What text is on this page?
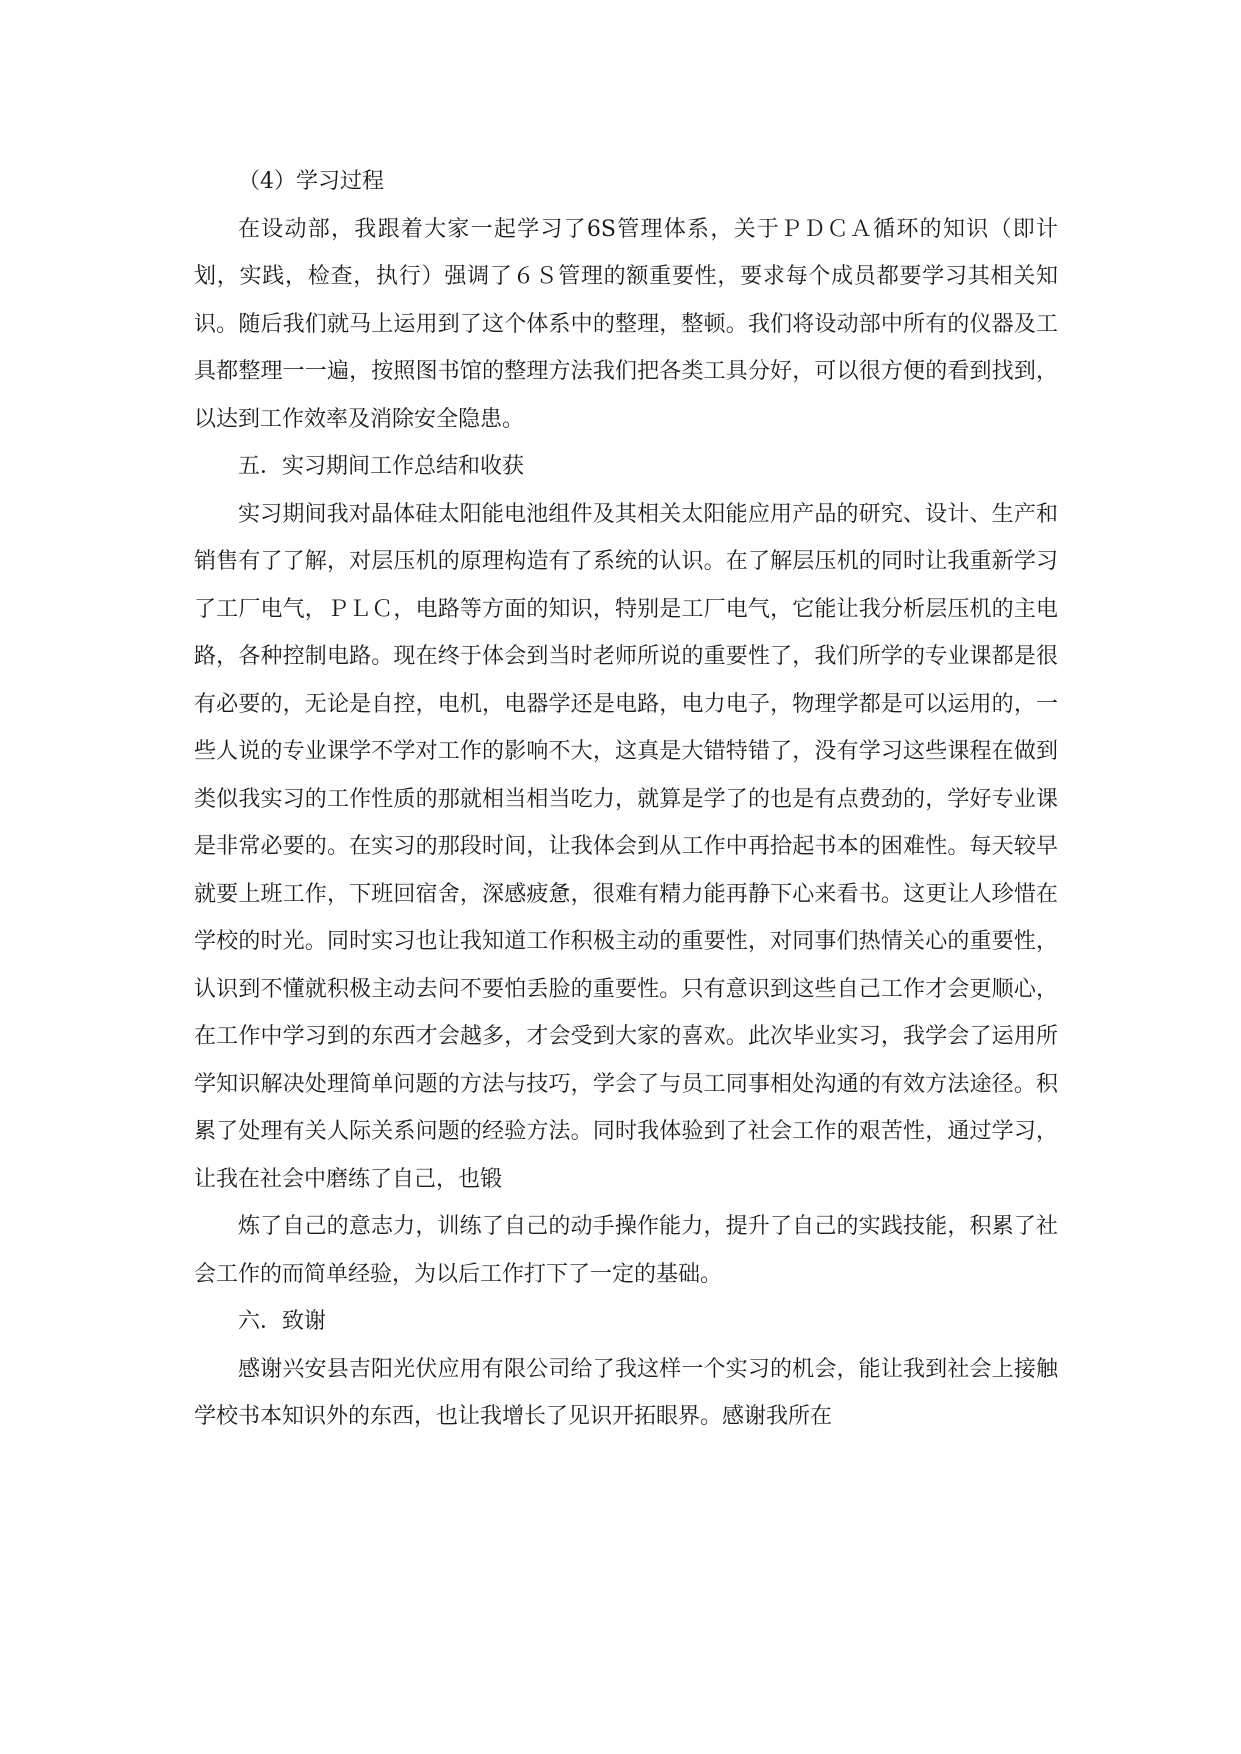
（4）学习过程

在设动部，我跟着大家一起学习了6S管理体系，关于ＰＤＣＡ循环的知识（即计划，实践，检查，执行）强调了６Ｓ管理的额重要性，要求每个成员都要学习其相关知识。随后我们就马上运用到了这个体系中的整理，整顿。我们将设动部中所有的仪器及工具都整理一一遍，按照图书馆的整理方法我们把各类工具分好，可以很方便的看到找到，以达到工作效率及消除安全隐患。

五．实习期间工作总结和收获

实习期间我对晶体硅太阳能电池组件及其相关太阳能应用产品的研究、设计、生产和销售有了了解，对层压机的原理构造有了系统的认识。在了解层压机的同时让我重新学习了工厂电气，ＰＬＣ，电路等方面的知识，特别是工厂电气，它能让我分析层压机的主电路，各种控制电路。现在终于体会到当时老师所说的重要性了，我们所学的专业课都是很有必要的，无论是自控，电机，电器学还是电路，电力电子，物理学都是可以运用的，一些人说的专业课学不学对工作的影响不大，这真是大错特错了，没有学习这些课程在做到类似我实习的工作性质的那就相当相当吃力，就算是学了的也是有点费劲的，学好专业课是非常必要的。在实习的那段时间，让我体会到从工作中再拾起书本的困难性。每天较早就要上班工作，下班回宿舍，深感疲惫，很难有精力能再静下心来看书。这更让人珍惜在学校的时光。同时实习也让我知道工作积极主动的重要性，对同事们热情关心的重要性，认识到不懂就积极主动去问不要怕丢脸的重要性。只有意识到这些自己工作才会更顺心，在工作中学习到的东西才会越多，才会受到大家的喜欢。此次毕业实习，我学会了运用所学知识解决处理简单问题的方法与技巧，学会了与员工同事相处沟通的有效方法途径。积累了处理有关人际关系问题的经验方法。同时我体验到了社会工作的艰苦性，通过学习，让我在社会中磨练了自己，也锻

炼了自己的意志力，训练了自己的动手操作能力，提升了自己的实践技能，积累了社会工作的而简单经验，为以后工作打下了一定的基础。

六．致谢

感谢兴安县吉阳光伏应用有限公司给了我这样一个实习的机会，能让我到社会上接触学校书本知识外的东西，也让我增长了见识开拓眼界。感谢我所在
